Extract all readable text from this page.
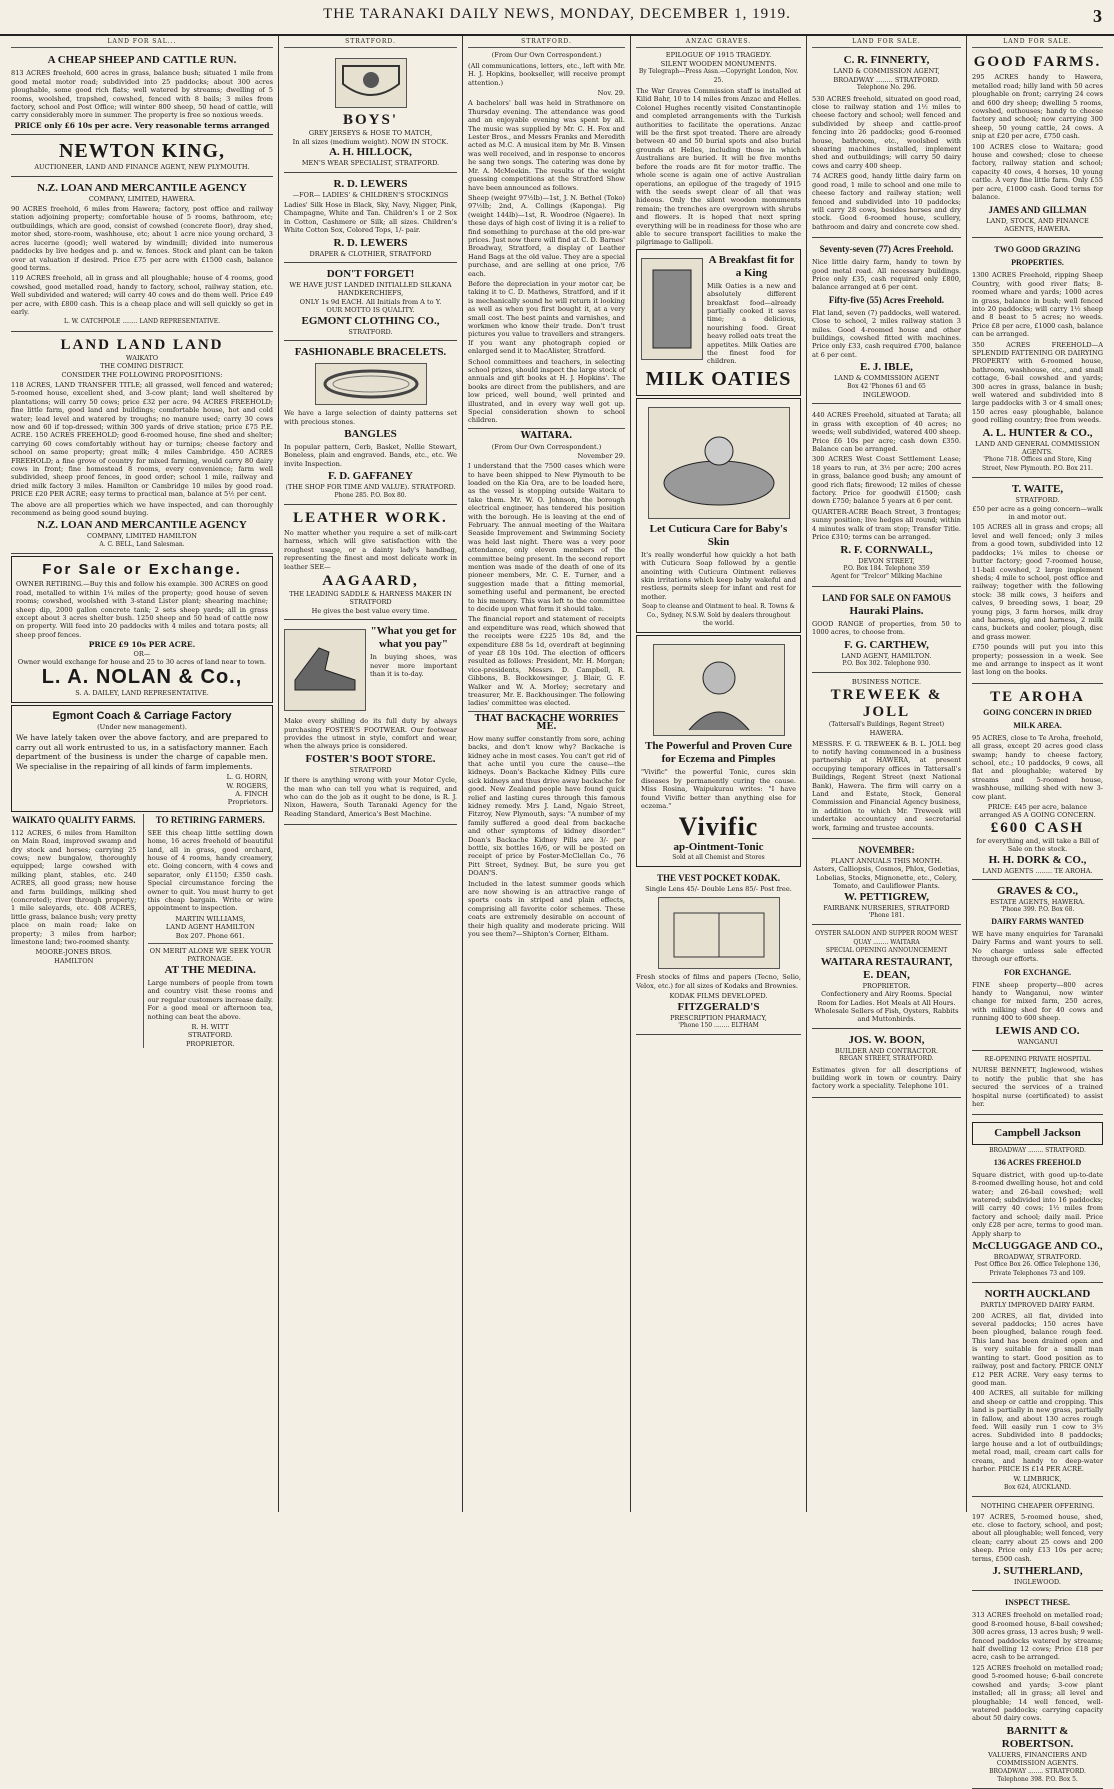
THE TARANAKI DAILY NEWS, MONDAY, DECEMBER 1, 1919.	3
LAND FOR SAL...
A CHEAP SHEEP AND CATTLE RUN.
813 ACRES freehold, 600 acres in grass, balance bush; situated 1 mile from good metal motor road; subdivided into 25 paddocks; about 300 acres ploughable, some good rich flats; well watered by streams; dwelling of 5 rooms, woolshed, trapshed, cowshed, fenced with 8 bails; 3 miles from factory, school and Post Office; will winter 800 sheep, 50 head of cattle, will carry considerably more in summer. The property is free so noxious weeds.
PRICE only £6 10s per acre. Very reasonable terms arranged
NEWTON KING,
AUCTIONEER, LAND AND FINANCE AGENT, NEW PLYMOUTH.
N.Z. LOAN AND MERCANTILE AGENCY
COMPANY, LIMITED, HAWERA.
90 ACRES freehold, 6 miles from Hawera; factory, post office and railway station adjoining property; comfortable house of 5 rooms, bathroom, etc; outbuildings, which are good, consist of cowshed (concrete floor), dray shed, motor shed, store-room, washhouse, etc; about 1 acre nice young orchard, 3 acres lucerne (good); well watered by windmill; divided into numerous paddocks by live hedges and p. and w. fences. Stock and plant can be taken over at valuation if desired. Price £75 per acre with £1500 cash, balance good terms.
119 ACRES freehold, all in grass and all ploughable; house of 4 rooms, good cowshed, good metalled road, handy to factory, school, railway station, etc. Well subdivided and watered; will carry 40 cows and do them well. Price £49 per acre, with £800 cash. This is a cheap place and will sell quickly so get in early.
L. W. CATCHPOLE ........ LAND REPRESENTATIVE.
LAND LAND LAND
WAIKATO
THE COMING DISTRICT.
CONSIDER THE FOLLOWING PROPOSITIONS:
118 ACRES, LAND TRANSFER TITLE; all grassed, well fenced and watered; 5-roomed house, excellent shed, and 3-cow plant; land well sheltered by plantations; will carry 50 cows; price £32 per acre. 94 ACRES FREEHOLD; fine little farm, good land and buildings; comfortable house, hot and cold water; lead level and watered by troughs; no manure used; carry 30 cows now and 60 if top-dressed; within 300 yards of drive station; price £75 P.E. ACRE. 150 ACRES FREEHOLD; good 6-roomed house, fine shed and shelter; carrying 60 cows comfortably without hay or turnips; cheese factory and school on same property; great milk; 4 miles Cambridge. 450 ACRES FREEHOLD; a fine grove of country for mixed farming, would carry 80 dairy cows in front; fine homestead 8 rooms, every convenience; farm well subdivided, sheep proof fences, in good order; school 1 mile, railway and dried milk factory 3 miles. Hamilton or Cambridge 10 miles by good road. PRICE £20 PER ACRE; easy terms to practical man, balance at 5½ per cent.
The above are all properties which we have inspected, and can thoroughly recommend as being good sound buying.
N.Z. LOAN AND MERCANTILE AGENCY
COMPANY, LIMITED HAMILTON
A. C. BELL, Land Salesman.
For Sale or Exchange.
OWNER RETIRING.—Buy this and follow his example. 300 ACRES on good road, metalled to within 1¼ miles of the property; good house of seven rooms; cowshed, woolshed with 3-stand Lister plant; shearing machine; sheep dip, 2000 gallon concrete tank; 2 sets sheep yards; all in grass except about 3 acres shelter bush. 1250 sheep and 50 head of cattle now on property. Will feed into 20 paddocks with 4 miles and totara posts; all sheep proof fences.
PRICE £9 10s PER ACRE.
OR—
Owner would exchange for house and 25 to 30 acres of land near to town.
L. A. NOLAN & Co.,
S. A. DAILEY, LAND REPRESENTATIVE.
Egmont Coach & Carriage Factory
(Under new management).
We have lately taken over the above factory, and are prepared to carry out all work entrusted to us, in a satisfactory manner. Each department of the business is under the charge of capable men. We specialise in the repairing of all kinds of farm implements.
L. G. HORN,
W. ROGERS,
A. FINCH
Proprietors.
WAIKATO QUALITY FARMS.
112 ACRES, 6 miles from Hamilton on Main Road, improved swamp and dry stock and horses; carrying 25 cows; new bungalow, thoroughly equipped; large cowshed with milking plant, stables, etc. 240 ACRES, all good grass; new house and farm buildings, milking shed (concreted); river through property; 1 mile saleyards, etc. 408 ACRES, little grass, balance bush; very pretty place on main road; lake on property; 3 miles from harbor; limestone land; two-roomed shanty.
MOORE-JONES BROS.
HAMILTON
TO RETIRING FARMERS.
SEE this cheap little settling down home, 16 acres freehold of beautiful land, all in grass, good orchard, house of 4 rooms, handy creamery, etc. Going concern, with 4 cows and separator, only £1150; £350 cash. Special circumstance forcing the owner to quit. You must hurry to get this cheap bargain. Write or wire appointment to inspection.
MARTIN WILLIAMS,
LAND AGENT HAMILTON
Box 207. Phone 661.
ON MERIT ALONE WE SEEK YOUR PATRONAGE.
AT THE MEDINA.
Large numbers of people from town and country visit these rooms and our regular customers increase daily. For a good meal or afternoon tea, nothing can beat the above.
R. H. WITT
STRATFORD.
PROPRIETOR.
STRATFORD.
BOYS'
GREY JERSEYS & HOSE TO MATCH,
In all sizes (medium weight). NOW IN STOCK.
A. H. HILLOCK,
MEN'S WEAR SPECIALIST, STRATFORD.
R. D. LEWERS
—FOR— LADIES' & CHILDREN'S STOCKINGS
Ladies' Silk Hose in Black, Sky, Navy, Nigger, Pink, Champagne, White and Tan. Children's 1 or 2 Sox in Cotton, Cashmere or Silk; all sizes. Children's White Cotton Sox, Colored Tops, 1/- pair.
R. D. LEWERS
DRAPER & CLOTHIER, STRATFORD
DON'T FORGET!
WE HAVE JUST LANDED INITIALLED SILKANA HANDKERCHIEFS,
ONLY 1s 9d EACH. All Initials from A to Y.
OUR MOTTO IS QUALITY.
EGMONT CLOTHING CO.,
STRATFORD.
FASHIONABLE BRACELETS.
We have a large selection of dainty patterns set with precious stones.
BANGLES
In popular pattern, Cerb, Basket, Nellie Stewart, Boneless, plain and engraved. Bands, etc., etc. We invite Inspection.
F. D. GAFFANEY
(THE SHOP FOR TIME AND VALUE). STRATFORD.
Phone 285. P.O. Box 80.
LEATHER WORK.
No matter whether you require a set of milk-cart harness, which will give satisfaction with the roughest usage, or a dainty lady's handbag, representing the finest and most delicate work in leather SEE—
AAGAARD,
THE LEADING SADDLE & HARNESS MAKER IN STRATFORD
He gives the best value every time.
"What you get for what you pay"
In buying shoes, was never more important than it is to-day.
Make every shilling do its full duty by always purchasing FOSTER'S FOOTWEAR. Our footwear provides the utmost in style, comfort and wear, when the always price is considered.
FOSTER'S BOOT STORE.
STRATFORD
If there is anything wrong with your Motor Cycle, the man who can tell you what is required, and who can do the job as it ought to be done, is R. J. Nixon, Hawera, South Taranaki Agency for the Reading Standard, America's Best Machine.
STRATFORD.
(From Our Own Correspondent.)
(All communications, letters, etc., left with Mr. H. J. Hopkins, bookseller, will receive prompt attention.)
Nov. 29.
A bachelors' ball was held in Strathmore on Thursday evening. The attendance was good and an enjoyable evening was spent by all. The music was supplied by Mr. C. H. Fox and Lester Bros., and Messrs Franks and Meredith acted as M.C. A musical item by Mr. B. Vinsen was well received, and in response to encores he sang two songs. The catering was done by Mr. A. McMeekin. The results of the weight guessing competitions at the Stratford Show have been announced as follows.
Sheep (weight 97½lb)—1st, J. N. Bethel (Toko) 97½lb; 2nd, A. Collings (Kaponga). Pig (weight 144lb)—1st, R. Woodroe (Ngaere). In these days of high cost of living it is a relief to find something to purchase at the old pre-war prices. Just now there will find at C. D. Barnes' Broadway, Stratford, a display of Leather Hand Bags at the old value. They are a special purchase, and are selling at one price, 7/6 each.
Before the depreciation in your motor car, be taking it to C. D. Mathews, Stratford, and if it is mechanically sound he will return it looking as well as when you first bought it, at a very small cost. The best paints and varnishes, and workmen who know their trade. Don't trust pictures you value to travellers and strangers. If you want any photograph copied or enlarged send it to MacAlister, Stratford.
School committees and teachers, in selecting school prizes, should inspect the large stock of annuals and gift books at H. J. Hopkins'. The books are direct from the publishers, and are low priced, well bound, well printed and illustrated, and in every way well got up. Special consideration shown to school children.
WAITARA.
(From Our Own Correspondent.)
November 29.
I understand that the 7500 cases which were to have been shipped to New Plymouth to be loaded on the Kia Ora, are to be loaded here, as the vessel is stopping outside Waitara to take them. Mr. W. O. Johnson, the borough electrical engineer, has tendered his position with the borough. He is leaving at the end of February. The annual meeting of the Waitara Seaside Improvement and Swimming Society was held last night. There was a very poor attendance, only eleven members of the committee being present. In the second report mention was made of the death of one of its pioneer members, Mr. C. E. Turner, and a suggestion made that a fitting memorial, something useful and permanent, be erected to his memory. This was left to the committee to decide upon what form it should take.
The financial report and statement of receipts and expenditure was read, which showed that the receipts were £225 10s 8d, and the expenditure £88 5s 1d, overdraft at beginning of year £8 10s 10d. The election of officers resulted as follows: President, Mr. H. Morgan; vice-presidents, Messrs. D. Campbell, R. Gibbons, B. Bockkowsinger, J. Blair, G. F. Walker and W. A. Morley; secretary and treasurer, Mr. E. Backhousinger. The following ladies' committee was elected.
THAT BACKACHE WORRIES ME.
How many suffer constantly from sore, aching backs, and don't know why? Backache is kidney ache in most cases. You can't get rid of that ache until you cure the cause—the kidneys. Doan's Backache Kidney Pills cure sick kidneys and thus drive away backache for good. New Zealand people have found quick relief and lasting cures through this famous kidney remedy. Mrs J. Land, Ngaio Street, Fitzroy, New Plymouth, says: "A number of my family suffered a good deal from backache and other symptoms of kidney disorder." Doan's Backache Kidney Pills are 3/- per bottle, six bottles 16/6, or will be posted on receipt of price by Foster-McClellan Co., 76 Pitt Street, Sydney. But, be sure you get DOAN'S.
Included in the latest summer goods which are now showing is an attractive range of sports coats in striped and plain effects, comprising all favorite color schemes. These coats are extremely desirable on account of their high quality and moderate pricing. Will you see them?—Shipton's Corner, Eltham.
ANZAC GRAVES.
EPILOGUE OF 1915 TRAGEDY.
SILENT WOODEN MONUMENTS.
By Telegraph—Press Assn.—Copyright London, Nov. 25.
The War Graves Commission staff is installed at Kilid Bahr, 10 to 14 miles from Anzac and Helles. Colonel Hughes recently visited Constantinople and completed arrangements with the Turkish authorities to facilitate the operations. Anzac will be the first spot treated. There are already between 40 and 50 burial spots and also burial grounds at Helles, including those in which Australians are buried. It will be five months before the roads are fit for motor traffic. The whole scene is again one of active Australian operations, an epilogue of the tragedy of 1915 with the seeds swept clear of all that was hideous. Only the silent wooden monuments remain; the trenches are overgrown with shrubs and flowers. It is hoped that next spring everything will be in readiness for those who are able to secure transport facilities to make the pilgrimage to Gallipoli.
A Breakfast fit for a King
Milk Oaties is a new and absolutely different breakfast food—already partially cooked it saves time; a delicious, nourishing food. Great heavy rolled oats treat the appetites. Milk Oaties are the finest food for children.
MILK OATIES
Let Cuticura Care for Baby's Skin
It's really wonderful how quickly a hot bath with Cuticura Soap followed by a gentle anointing with Cuticura Ointment relieves skin irritations which keep baby wakeful and restless, permits sleep for infant and rest for mother.
Soap to cleanse and Ointment to heal. R. Towns & Co., Sydney, N.S.W. Sold by dealers throughout the world.
The Powerful and Proven Cure for Eczema and Pimples
"Vivific" the powerful Tonic, cures skin diseases by permanently curing the cause. Miss Rosina, Waipukurau writes: "I have found Vivific better than anything else for eczema."
Vivific
ap-Ointment-Tonic
Sold at all Chemist and Stores
THE VEST POCKET KODAK.
Single Lens 45/- Double Lens 85/- Post free.
Fresh stocks of films and papers (Tecno, Selio, Velox, etc.) for all sizes of Kodaks and Brownies.
KODAK FILMS DEVELOPED.
FITZGERALD'S
PRESCRIPTION PHARMACY,
'Phone 150 ........ ELTHAM
LAND FOR SALE.
C. R. FINNERTY,
LAND & COMMISSION AGENT,
BROADWAY ........ STRATFORD.
Telephone No. 296.
530 ACRES freehold, situated on good road, close to railway station and 1½ miles to cheese factory and school; well fenced and subdivided by sheep and cattle-proof fencing into 26 paddocks; good 6-roomed house, bathroom, etc., woolshed with shearing machines installed, implement shed and outbuildings; will carry 50 dairy cows and carry 400 sheep.
74 ACRES good, handy little dairy farm on good road, 1 mile to school and one mile to cheese factory and railway station; well fenced and subdivided into 10 paddocks; will carry 28 cows, besides horses and dry stock. Good 6-roomed house, scullery, bathroom and dairy and concrete cow shed.
Seventy-seven (77) Acres Freehold.
Nice little dairy farm, handy to town by good metal road. All necessary buildings. Price only £35, cash required only £800, balance arranged at 6 per cent.
Fifty-five (55) Acres Freehold.
Flat land, seven (7) paddocks, well watered. Close to school, 2 miles railway station 3 miles. Good 4-roomed house and other buildings, cowshed fitted with machines. Price only £33, cash required £700, balance at 6 per cent.
E. J. IBLE,
LAND & COMMISSION AGENT
Box 42 'Phones 61 and 65
INGLEWOOD.
440 ACRES Freehold, situated at Tarata; all in grass with exception of 40 acres; no weeds; well subdivided, watered 400 sheep. Price £6 10s per acre; cash down £350. Balance can be arranged.
300 ACRES West Coast Settlement Lease; 18 years to run, at 3½ per acre; 200 acres in grass, balance good bush; any amount of good rich flats; firewood; 12 miles of chesse factory. Price for goodwill £1500; cash down £750; balance 5 years at 6 per cent.
QUARTER-ACRE Beach Street, 3 frontages; sunny position; live hedges all round; within 4 minutes walk of tram stop; Transfer Title. Price £310; terms can be arranged.
R. F. CORNWALL,
DEVON STREET,
P.O. Box 184. Telephone 359
Agent for "Trelcor" Milking Machine
LAND FOR SALE ON FAMOUS
Hauraki Plains.
GOOD RANGE of properties, from 50 to 1000 acres, to choose from.
F. G. CARTHEW,
LAND AGENT, HAMILTON.
P.O. Box 302. Telephone 930.
BUSINESS NOTICE.
TREWEEK & JOLL
(Tattersall's Buildings, Regent Street)
HAWERA.
MESSRS. F. G. TREWEEK & B. L. JOLL beg to notify having commenced in a business partnership at HAWERA, at present occupying temporary offices in Tattersall's Buildings, Regent Street (next National Bank), Hawera. The firm will carry on a Land and Estate, Stock, General Commission and Financial Agency business, in addition to which Mr. Treweek will undertake accountancy and secretarial work, farming and trustee accounts.
NOVEMBER:
PLANT ANNUALS THIS MONTH.
Asters, Calliopsis, Cosmos, Phlox, Godetias, Lobelias, Stocks, Mignonette, etc., Celery, Tomato, and Cauliflower Plants.
W. PETTIGREW,
FAIRBANK NURSERIES, STRATFORD
'Phone 181.
OYSTER SALOON AND SUPPER ROOM WEST QUAY ........ WAITARA
SPECIAL OPENING ANNOUNCEMENT
WAITARA RESTAURANT,
E. DEAN,
PROPRIETOR.
Confectionery and Airy Rooms. Special Room for Ladies. Hot Meals at All Hours. Wholesale Sellers of Fish, Oysters, Rabbits and Muttonbirds.
JOS. W. BOON,
BUILDER AND CONTRACTOR.
REGAN STREET, STRATFORD.
Estimates given for all descriptions of building work in town or country. Dairy factory work a speciality. Telephone 101.
LAND FOR SALE.
GOOD FARMS.
295 ACRES handy to Hawera, metalled road; hilly land with 50 acres ploughable on front; carrying 24 cows and 600 dry sheep; dwelling 5 rooms, cowshed, outhouses; handy to cheese factory and school; now carrying 300 sheep, 50 young cattle, 24 cows. A snip at £20 per acre, £750 cash.
100 ACRES close to Waitara; good house and cowshed; close to cheese factory, railway station and school; capacity 40 cows, 4 horses, 10 young cattle. A very fine little farm. Only £55 per acre, £1000 cash. Good terms for balance.
JAMES AND GILLMAN
LAND, STOCK, AND FINANCE AGENTS, HAWERA.
TWO GOOD GRAZING PROPERTIES.
1300 ACRES Freehold, ripping Sheep Country, with good river flats; 8-roomed whare and yards; 1000 acres in grass, balance in bush; well fenced into 20 paddocks; will carry 1½ sheep and 8 beast to 5 acres; no weeds. Price £8 per acre, £1000 cash, balance can be arranged.
350 ACRES FREEHOLD—A SPLENDID FATTENING OR DAIRYING PROPERTY with 6-roomed house, bathroom, washhouse, etc., and small cottage, 6-bail cowshed and yards; 300 acres in grass, balance in bush; well watered and subdivided into 8 large paddocks with 3 or 4 small ones; 150 acres easy ploughable, balance good rolling country; free from weeds.
A. L. HUNTER & CO.,
LAND AND GENERAL COMMISSION AGENTS.
'Phone 718. Offices and Store, King Street, New Plymouth. P.O. Box 211.
T. WAITE,
STRATFORD.
£50 per acre as a going concern—walk in and motor out.
105 ACRES all in grass and crops; all level and well fenced; only 3 miles from a good town, subdivided into 12 paddocks; 1¼ miles to cheese or butter factory; good 7-roomed house, 11-bail cowshed, 2 large implement sheds; 4 mile to school, post office and railway; together with the following stock: 38 milk cows, 3 heifers and calves, 9 breeding sows, 1 boar, 29 young pigs, 3 farm horses, milk dray and harness, gig and harness, 2 milk cans, buckets and cooler, plough, disc and grass mower.
£750 pounds will put you into this property; possession in a week. See me and arrange to inspect as it wont last long on the books.
TE AROHA
GOING CONCERN IN DRIED MILK AREA.
95 ACRES, close to Te Aroha, freehold, all grass, except 20 acres good class swamp; handy to cheese factory, school, etc.; 10 paddocks, 9 cows, all flat and ploughable; watered by streams and 5-roomed house, washhouse, milking shed with new 3-cow plant.
PRICE: £45 per acre, balance arranged AS A GOING CONCERN.
£600 CASH
for everything and, will take a Bill of Sale on the stock.
H. H. DORK & CO.,
LAND AGENTS ........ TE AROHA.
GRAVES & CO.,
ESTATE AGENTS, HAWERA.
'Phone 399. P.O. Box 68.
DAIRY FARMS WANTED
WE have many enquiries for Taranaki Dairy Farms and want yours to sell. No charge unless sale effected through our efforts.
FOR EXCHANGE.
FINE sheep property—800 acres handy to Wanganui, now winter change for mixed farm, 250 acres, with milking shed for 40 cows and running 400 to 600 sheep.
LEWIS AND CO.
WANGANUI
RE-OPENING PRIVATE HOSPITAL
NURSE BENNETT, Inglewood, wishes to notify the public that she has secured the services of a trained hospital nurse (certificated) to assist her.
Campbell Jackson
BROADWAY ........ STRATFORD.
136 ACRES FREEHOLD
Square district, with good up-to-date 8-roomed dwelling house, hot and cold water; and 26-bail cowshed; well watered; subdivided into 16 paddocks; will carry 40 cows; 1½ miles from factory and school; daily mail. Price only £28 per acre, terms to good man. Apply sharp to
McCLUGGAGE AND CO.,
BROADWAY, STRATFORD.
Post Office Box 26. Office Telephone 136, Private Telephones 73 and 109.
NORTH AUCKLAND
PARTLY IMPROVED DAIRY FARM.
200 ACRES, all flat, divided into several paddocks; 150 acres have been ploughed, balance rough feed. This land has been drained open and is very suitable for a small man wanting to start. Good position as to railway, post and factory. PRICE ONLY £12 PER ACRE. Very easy terms to good man.
400 ACRES, all suitable for milking and sheep or cattle and cropping. This land is partially in new grass, partially in fallow, and about 130 acres rough feed. Will easily run 1 cow to 3½ acres. Subdivided into 8 paddocks; large house and a lot of outbuildings; metal road, mail, cream cart calls for cream, and handy to deep-water harbor. PRICE IS £14 PER ACRE.
W. LIMBRICK,
Box 624, AUCKLAND.
NOTHING CHEAPER OFFERING.
197 ACRES, 5-roomed house, shed, etc. close to factory, school, and post; about all ploughable; well fenced, very clean; carry about 25 cows and 200 sheep. Price only £13 10s per acre; terms, £500 cash.
J. SUTHERLAND,
INGLEWOOD.
INSPECT THESE.
313 ACRES freehold on metalled road; good 8-roomed house, 8-bail cowshed; 300 acres grass, 13 acres bush; 9 well-fenced paddocks watered by streams; half dwelling 12 cows; Price £18 per acre, cash to be arranged.
125 ACRES freehold on metalled road; good 5-roomed house; 6-bail concrete cowshed and yards; 3-cow plant installed; all in grass; all level and ploughable; 14 well fenced, well-watered paddocks; carrying capacity about 50 dairy cows.
BARNITT & ROBERTSON.
VALUERS, FINANCIERS AND COMMISSION AGENTS.
BROADWAY ........ STRATFORD.
Telephone 398. P.O. Box 5.
